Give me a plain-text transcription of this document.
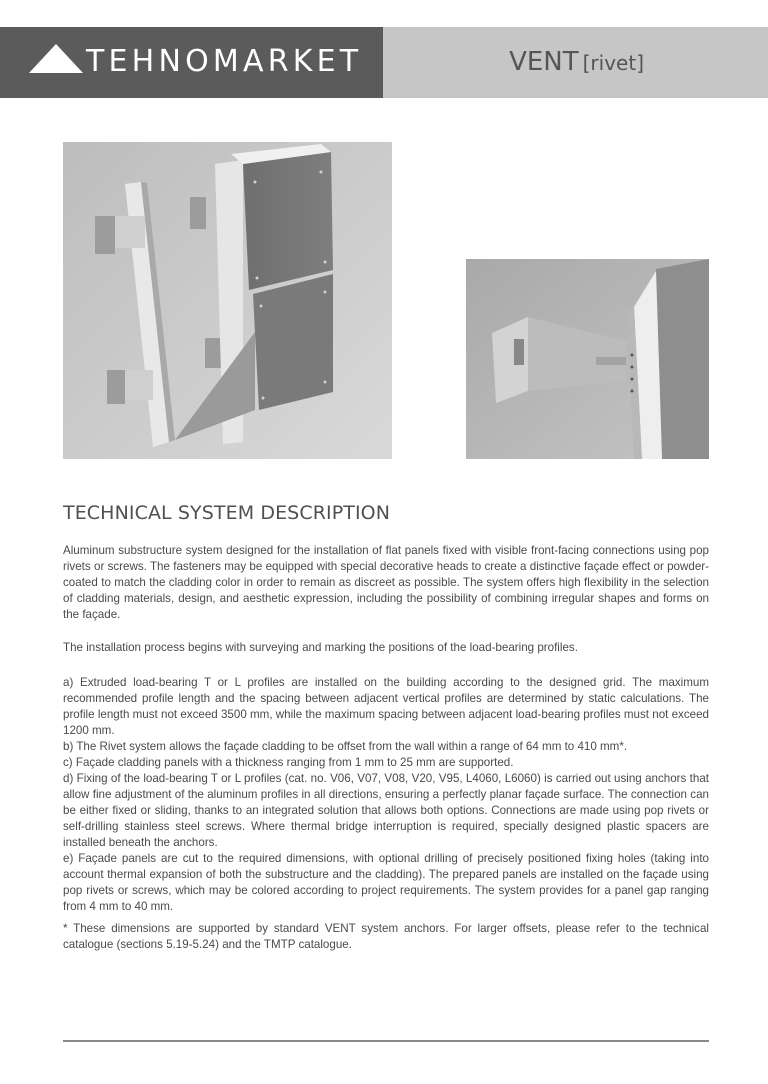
TEHNOMARKET	VENT [rivet]
TECHNICAL SYSTEM DESCRIPTION

Aluminum substructure system designed for the installation of flat panels fixed with visible front-facing connections using pop rivets or screws. The fasteners may be equipped with special decorative heads to create a distinctive façade effect or powder-coated to match the cladding color in order to remain as discreet as possible. The system offers high flexibility in the selection of cladding materials, design, and aesthetic expression, including the possibility of combining irregular shapes and forms on the façade.

The installation process begins with surveying and marking the positions of the load-bearing profiles.

a) Extruded load-bearing T or L profiles are installed on the building according to the designed grid. The maximum recommended profile length and the spacing between adjacent vertical profiles are determined by static calculations. The profile length must not exceed 3500 mm, while the maximum spacing between adjacent load-bearing profiles must not exceed 1200 mm.

b) The Rivet system allows the façade cladding to be offset from the wall within a range of 64 mm to 410 mm*.

c) Façade cladding panels with a thickness ranging from 1 mm to 25 mm are supported.

d) Fixing of the load-bearing T or L profiles (cat. no. V06, V07, V08, V20, V95, L4060, L6060) is carried out using anchors that allow fine adjustment of the aluminum profiles in all directions, ensuring a perfectly planar façade surface. The connection can be either fixed or sliding, thanks to an integrated solution that allows both options. Connections are made using pop rivets or self-drilling stainless steel screws. Where thermal bridge interruption is required, specially designed plastic spacers are installed beneath the anchors.

e) Façade panels are cut to the required dimensions, with optional drilling of precisely positioned fixing holes (taking into account thermal expansion of both the substructure and the cladding). The prepared panels are installed on the façade using pop rivets or screws, which may be colored according to project requirements. The system provides for a panel gap ranging from 4 mm to 40 mm.

* These dimensions are supported by standard VENT system anchors. For larger offsets, please refer to the technical catalogue (sections 5.19-5.24) and the TMTP catalogue.
